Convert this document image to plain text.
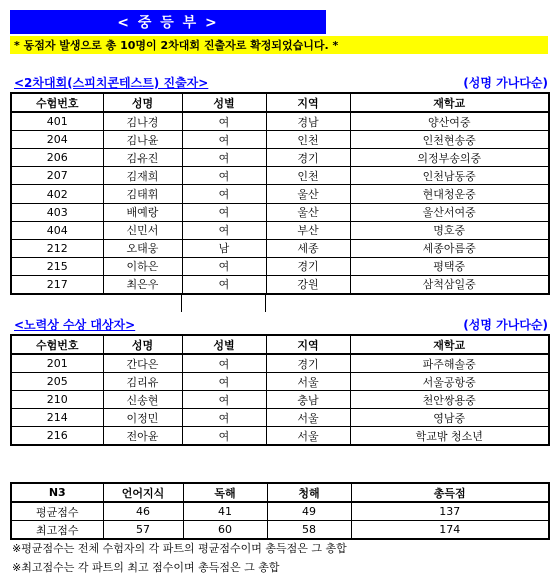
< 중 등 부 >
* 동점자 발생으로 총 10명이 2차대회 진출자로 확정되었습니다. *
<2차대회(스피치콘테스트) 진출자>	(성명 가나다순)
수험번호	성명	성별	지역	재학교
401	김나경	여	경남	양산여중
204	김나윤	여	인천	인천현송중
206	김유진	여	경기	의정부송의중
207	김재희	여	인천	인천남동중
402	김태휘	여	울산	현대청운중
403	배예랑	여	울산	울산서여중
404	신민서	여	부산	명호중
212	오태웅	남	세종	세종아름중
215	이하은	여	경기	평택중
217	최은우	여	강원	삼척삼일중
<노력상 수상 대상자>	(성명 가나다순)
수험번호	성명	성별	지역	재학교
201	간다은	여	경기	파주해솔중
205	김리유	여	서울	서울공항중
210	신송현	여	충남	천안쌍용중
214	이정민	여	서울	영남중
216	전아윤	여	서울	학교밖 청소년
N3	언어지식	독해	청해	총득점
평균점수	46	41	49	137
최고점수	57	60	58	174
※평균점수는 전체 수험자의 각 파트의 평균점수이며 총득점은 그 총합
※최고점수는 각 파트의 최고 점수이며 총득점은 그 총합
